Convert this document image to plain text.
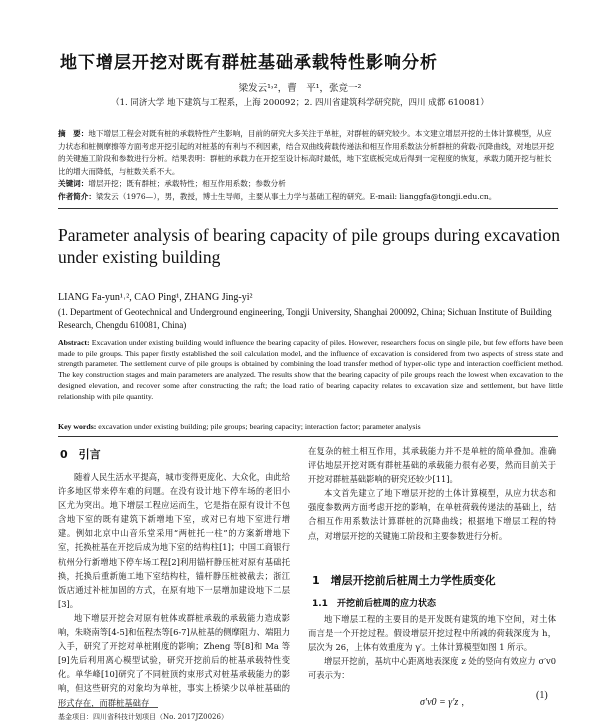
地下增层开挖对既有群桩基础承载特性影响分析
梁发云¹˒²，曹　平¹，张竞一²
（1. 同济大学 地下建筑与工程系，上海 200092；2. 四川省建筑科学研究院，四川 成都 610081）
摘　要：地下增层工程会对既有桩的承载特性产生影响，目前的研究大多关注于单桩，对群桩的研究较少。本文建立增层开挖的土体计算模型，从应力状态和桩侧摩擦等方面考虑开挖引起的对桩基的有利与不利因素，结合双曲线荷载传递法和相互作用系数法分析群桩的荷载-沉降曲线，对地层开挖的关键施工阶段和参数进行分析。结果表明：群桩的承载力在开挖至设计标高时最低，地下室底板完成后得到一定程度的恢复，承载力随开挖与桩长比的增大而降低，与桩数关系不大。
关键词：增层开挖；既有群桩；承载特性；相互作用系数；参数分析
作者简介：梁发云（1976—），男，教授，博士生导师，主要从事土力学与基础工程的研究。E-mail: lianggfa@tongji.edu.cn。
Parameter analysis of bearing capacity of pile groups during excavation under existing building
LIANG Fa-yun¹˒², CAO Ping¹, ZHANG Jing-yi²
(1. Department of Geotechnical and Underground engineering, Tongji University, Shanghai 200092, China; Sichuan Institute of Building Research, Chengdu 610081, China)
Abstract: Excavation under existing building would influence the bearing capacity of piles. However, researchers focus on single pile, but few efforts have been made to pile groups. This paper firstly established the soil calculation model, and the influence of excavation is considered from two aspects of stress state and strength parameter. The settlement curve of pile groups is obtained by combining the load transfer method of hyper-olic type and interaction coefficient method. The key construction stages and main parameters are analyzed. The results show that the bearing capacity of pile groups reach the lowest when excavation to the designed elevation, and recover some after constructing the raft; the load ratio of bearing capacity relates to excavation size and settlement, but have little relationship with pile quantity.
Key words: excavation under existing building; pile groups; bearing capacity; interaction factor; parameter analysis
0　引言

随着人民生活水平提高，城市变得更庞化、大众化，由此给许多地区带来停车难的问题。在没有设计地下停车场的老旧小区尤为突出。地下增层工程应运而生，它是指在原有设计不包含地下室的既有建筑下新增地下室，或对已有地下室进行增建。例如北京中山音乐堂采用“两桩托一柱”的方案新增地下室，托换桩基在开挖后成为地下室的结构柱[1]；中国工商银行杭州分行新增地下停车场工程[2]利用锚杆静压桩对原有基础托换，托换后重新施工地下室结构柱，锚杆静压桩被截去；浙江饭店通过补桩加固的方式，在原有地下一层增加建设地下二层[3]。

地下增层开挖会对原有桩体或群桩承载的承载能力造成影响，朱晓南等[4-5]和伍程杰等[6-7]从桩基的侧摩阻力、端阻力入手，研究了开挖对单桩刚度的影响；Zheng 等[8]和 Ma 等[9]先后利用离心模型试验，研究开挖前后的桩基承载特性变化。单华峰[10]研究了不同桩顶约束形式对桩基承载能力的影响，但这些研究的对象均为单桩，事实上桥梁少以单桩基础的形式存在，而群桩基础存

在复杂的桩土相互作用，其承载能力并不是单桩的简单叠加。准确评估地层开挖对既有群桩基础的承载能力很有必要，然而目前关于开挖对群桩基础影响的研究还较少[11]。

本文首先建立了地下增层开挖的土体计算模型，从应力状态和强度参数两方面考虑开挖的影响，在单桩荷载传递法的基础上，结合相互作用系数法计算群桩的沉降曲线；根据地下增层工程的特点，对增层开挖的关键施工阶段和主要参数进行分析。

1　增层开挖前后桩周土力学性质变化
1.1　开挖前后桩周的应力状态

地下增层工程的主要目的是开发既有建筑的地下空间，对土体而言是一个开挖过程。假设增层开挖过程中所减的荷载深度为 h，层次为 26，上体有效重度为 γ′。土体计算模型如图 1 所示。

增层开挖前，基坑中心距离地表深度 z 处的竖向有效应力 σ′v0 可表示为：

σ′v0 = γ′z ，
(1)
基金项目：四川省科技计划项目（No. 2017JZ0026）
